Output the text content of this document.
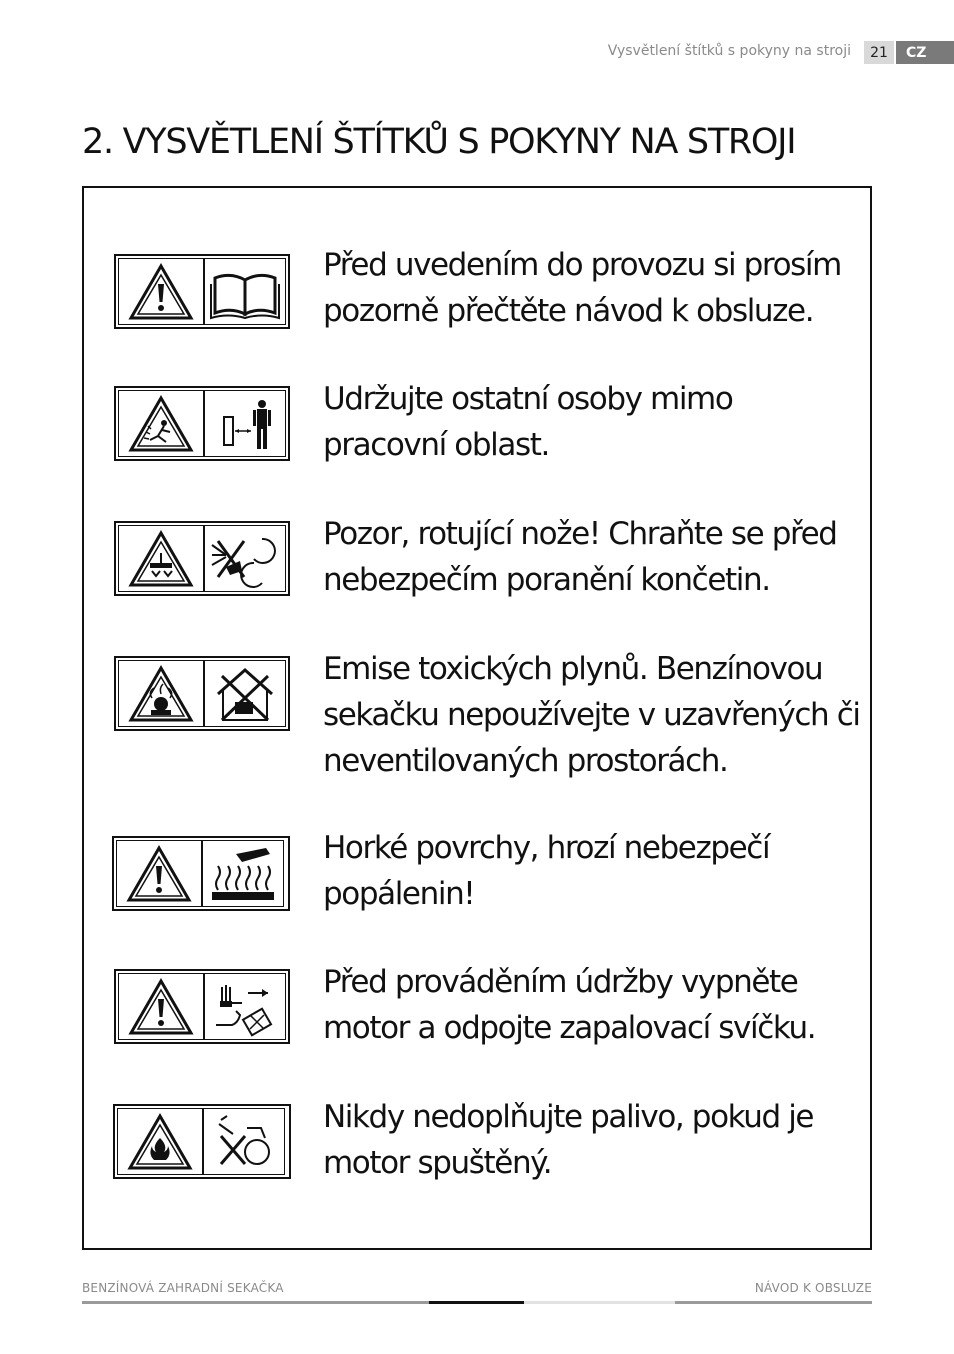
Vysvětlení štítků s pokyny na stroji	21	CZ
2. VYSVĚTLENÍ ŠTÍTKŮ S POKYNY NA STROJI
Před uvedením do provozu si prosím pozorně přečtěte návod k obsluze.
Udržujte ostatní osoby mimo pracovní oblast.
Pozor, rotující nože! Chraňte se před nebezpečím poranění končetin.
Emise toxických plynů. Benzínovou sekačku nepoužívejte v uzavřených či neventilovaných prostorách.
Horké povrchy, hrozí nebezpečí popálenin!
Před prováděním údržby vypněte motor a odpojte zapalovací svíčku.
Nikdy nedoplňujte palivo, pokud je motor spuštěný.
BENZÍNOVÁ ZAHRADNÍ SEKAČKA	NÁVOD K OBSLUZE
